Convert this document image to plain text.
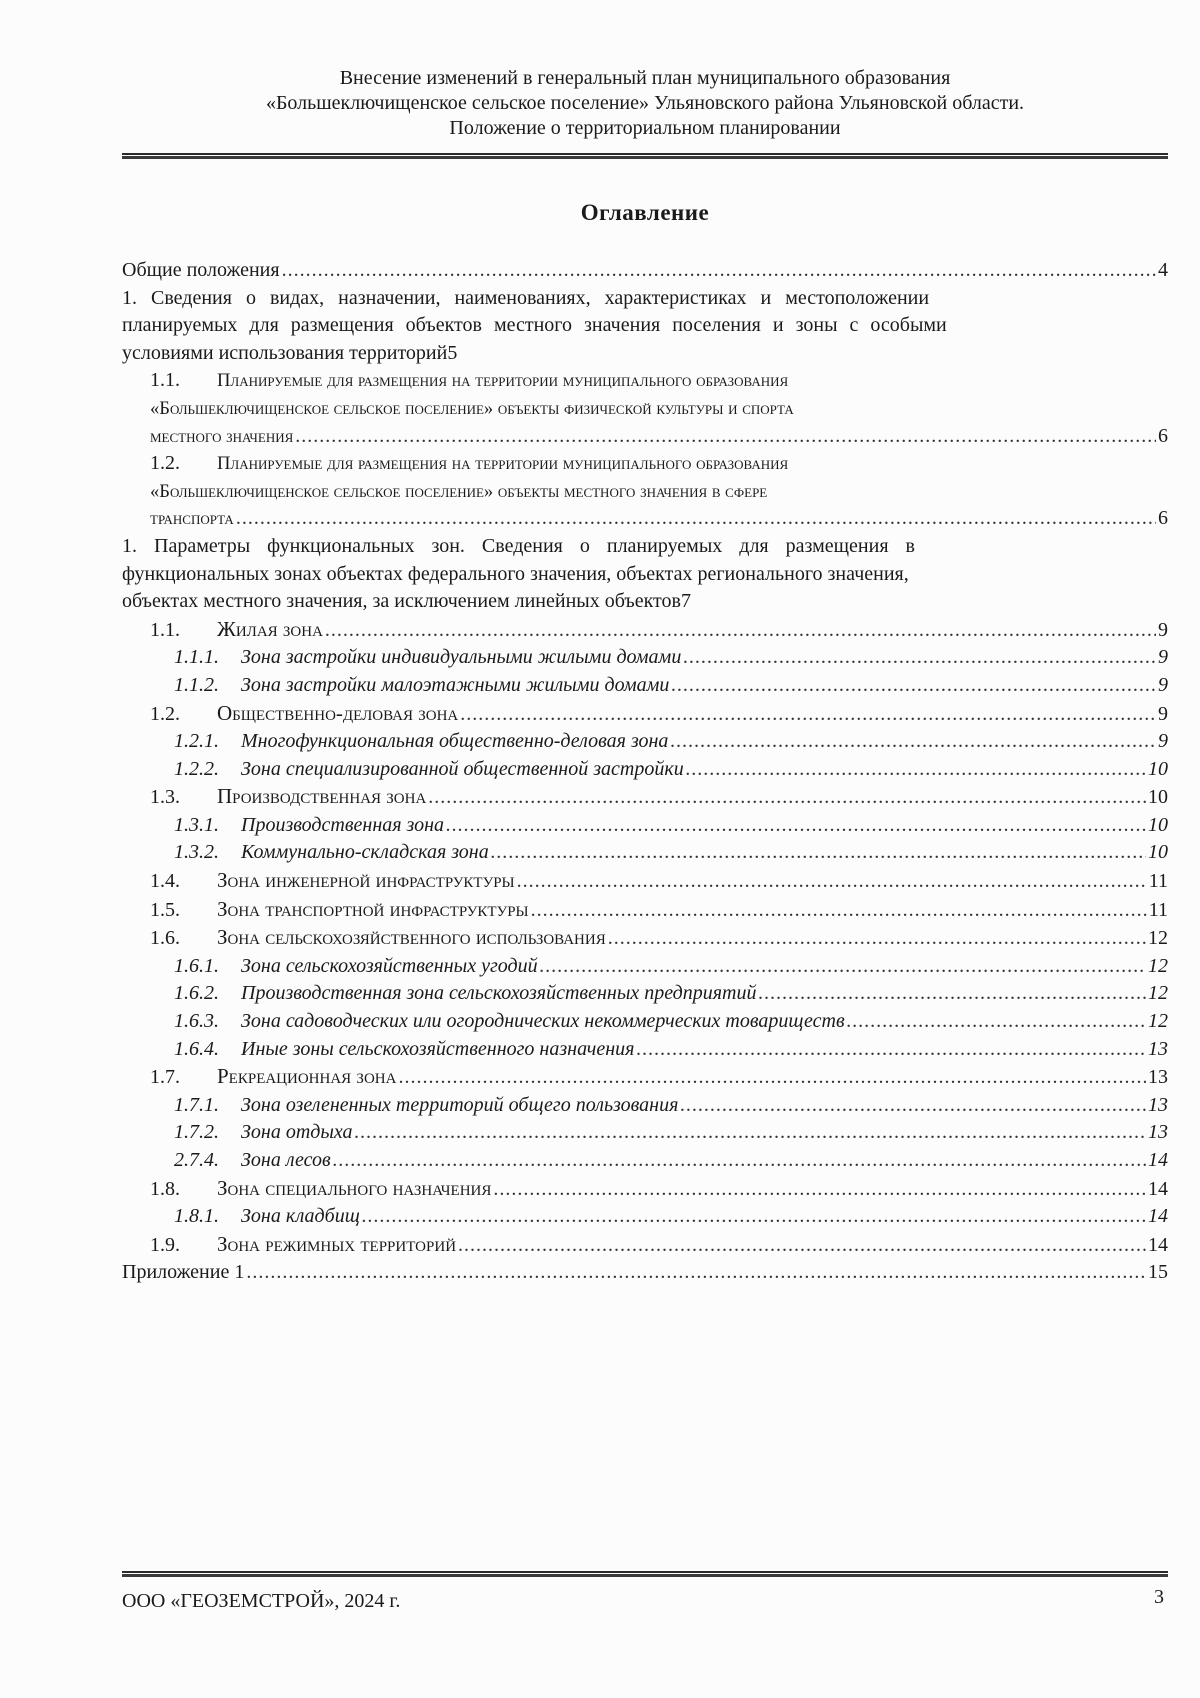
Внесение изменений в генеральный план муниципального образования
«Большеключищенское сельское поселение» Ульяновского района Ульяновской области.
Положение о территориальном планировании
Оглавление
Общие положения .....	4
1. Сведения о видах, назначении, наименованиях, характеристиках и местоположении
планируемых для размещения объектов местного значения поселения и зоны с особыми
условиями использования территорий 5
1.1. Планируемые для размещения на территории муниципального образования
«Большеключищенское сельское поселение» объекты физической культуры и спорта
местного значения .....	6
1.2. Планируемые для размещения на территории муниципального образования
«Большеключищенское сельское поселение» объекты местного значения в сфере
транспорта .....	6
1. Параметры функциональных зон. Сведения о планируемых для размещения в
функциональных зонах объектах федерального значения, объектах регионального значения,
объектах местного значения, за исключением линейных объектов 7
1.1. Жилая зона .....	9
1.1.1. Зона застройки индивидуальными жилыми домами .....	9
1.1.2. Зона застройки малоэтажными жилыми домами .....	9
1.2. Общественно-деловая зона .....	9
1.2.1. Многофункциональная общественно-деловая зона .....	9
1.2.2. Зона специализированной общественной застройки .....	10
1.3. Производственная зона .....	10
1.3.1. Производственная зона .....	10
1.3.2. Коммунально-складская зона .....	10
1.4. Зона инженерной инфраструктуры .....	11
1.5. Зона транспортной инфраструктуры .....	11
1.6. Зона сельскохозяйственного использования .....	12
1.6.1. Зона сельскохозяйственных угодий .....	12
1.6.2. Производственная зона сельскохозяйственных предприятий .....	12
1.6.3. Зона садоводческих или огороднических некоммерческих товариществ .....	12
1.6.4. Иные зоны сельскохозяйственного назначения .....	13
1.7. Рекреационная зона .....	13
1.7.1. Зона озелененных территорий общего пользования .....	13
1.7.2. Зона отдыха .....	13
2.7.4. Зона лесов .....	14
1.8. Зона специального назначения .....	14
1.8.1. Зона кладбищ .....	14
1.9. Зона режимных территорий .....	14
Приложение 1 .....	15
ООО «ГЕОЗЕМСТРОЙ», 2024 г.	3
